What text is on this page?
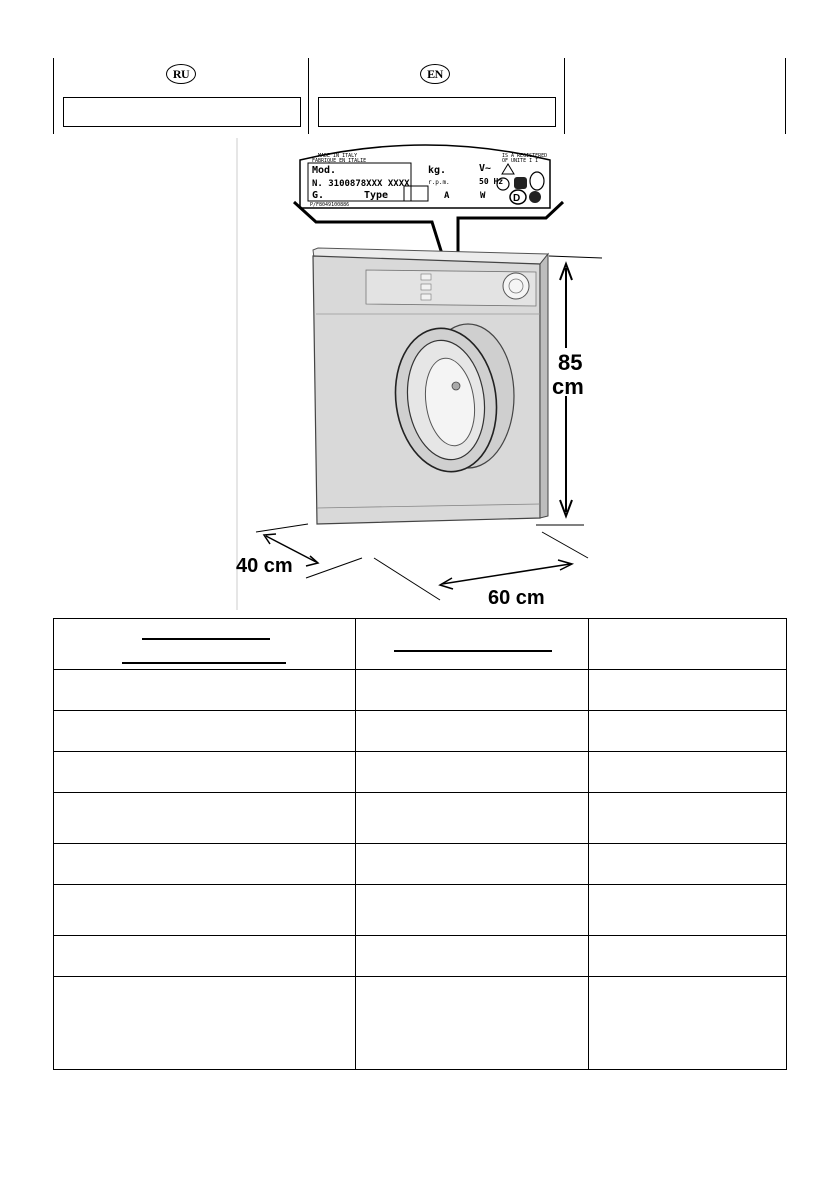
RU	EN
MADE IN ITALY
FABRIQUE EN ITALIE
IS A REGISTERED
OF UNITE I I
Mod.	kg.	V~
N. 3100878XXX XXXX	r.p.m.	50 Hz
G.	Type	A	W
P/F8049100886
D
85
cm
40 cm
60 cm
